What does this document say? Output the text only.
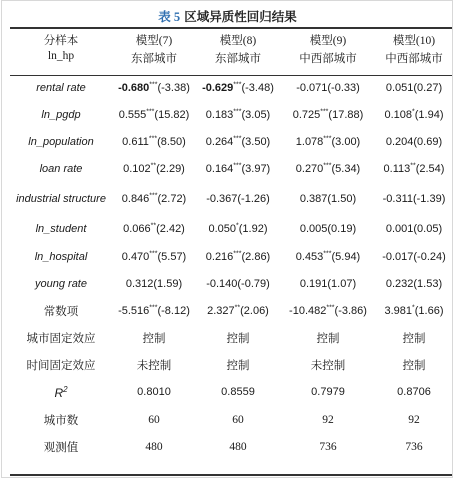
表 5 区域异质性回归结果
分样本	模型(7)	模型(8)	模型(9)	模型(10)
ln_hp	东部城市	东部城市	中西部城市	中西部城市
rental rate	-0.680***(-3.38)	-0.629***(-3.48)	-0.071(-0.33)	0.051(0.27)
ln_pgdp	0.555***(15.82)	0.183***(3.05)	0.725***(17.88)	0.108*(1.94)
ln_population	0.611***(8.50)	0.264***(3.50)	1.078***(3.00)	0.204(0.69)
loan rate	0.102**(2.29)	0.164***(3.97)	0.270***(5.34)	0.113**(2.54)
industrial structure	0.846***(2.72)	-0.367(-1.26)	0.387(1.50)	-0.311(-1.39)
ln_student	0.066**(2.42)	0.050*(1.92)	0.005(0.19)	0.001(0.05)
ln_hospital	0.470***(5.57)	0.216***(2.86)	0.453***(5.94)	-0.017(-0.24)
young rate	0.312(1.59)	-0.140(-0.79)	0.191(1.07)	0.232(1.53)
常数项	-5.516***(-8.12)	2.327**(2.06)	-10.482***(-3.86)	3.981*(1.66)
城市固定效应	控制	控制	控制	控制
时间固定效应	未控制	控制	未控制	控制
$R^2$	0.8010	0.8559	0.7979	0.8706
城市数	60	60	92	92
观测值	480	480	736	736
